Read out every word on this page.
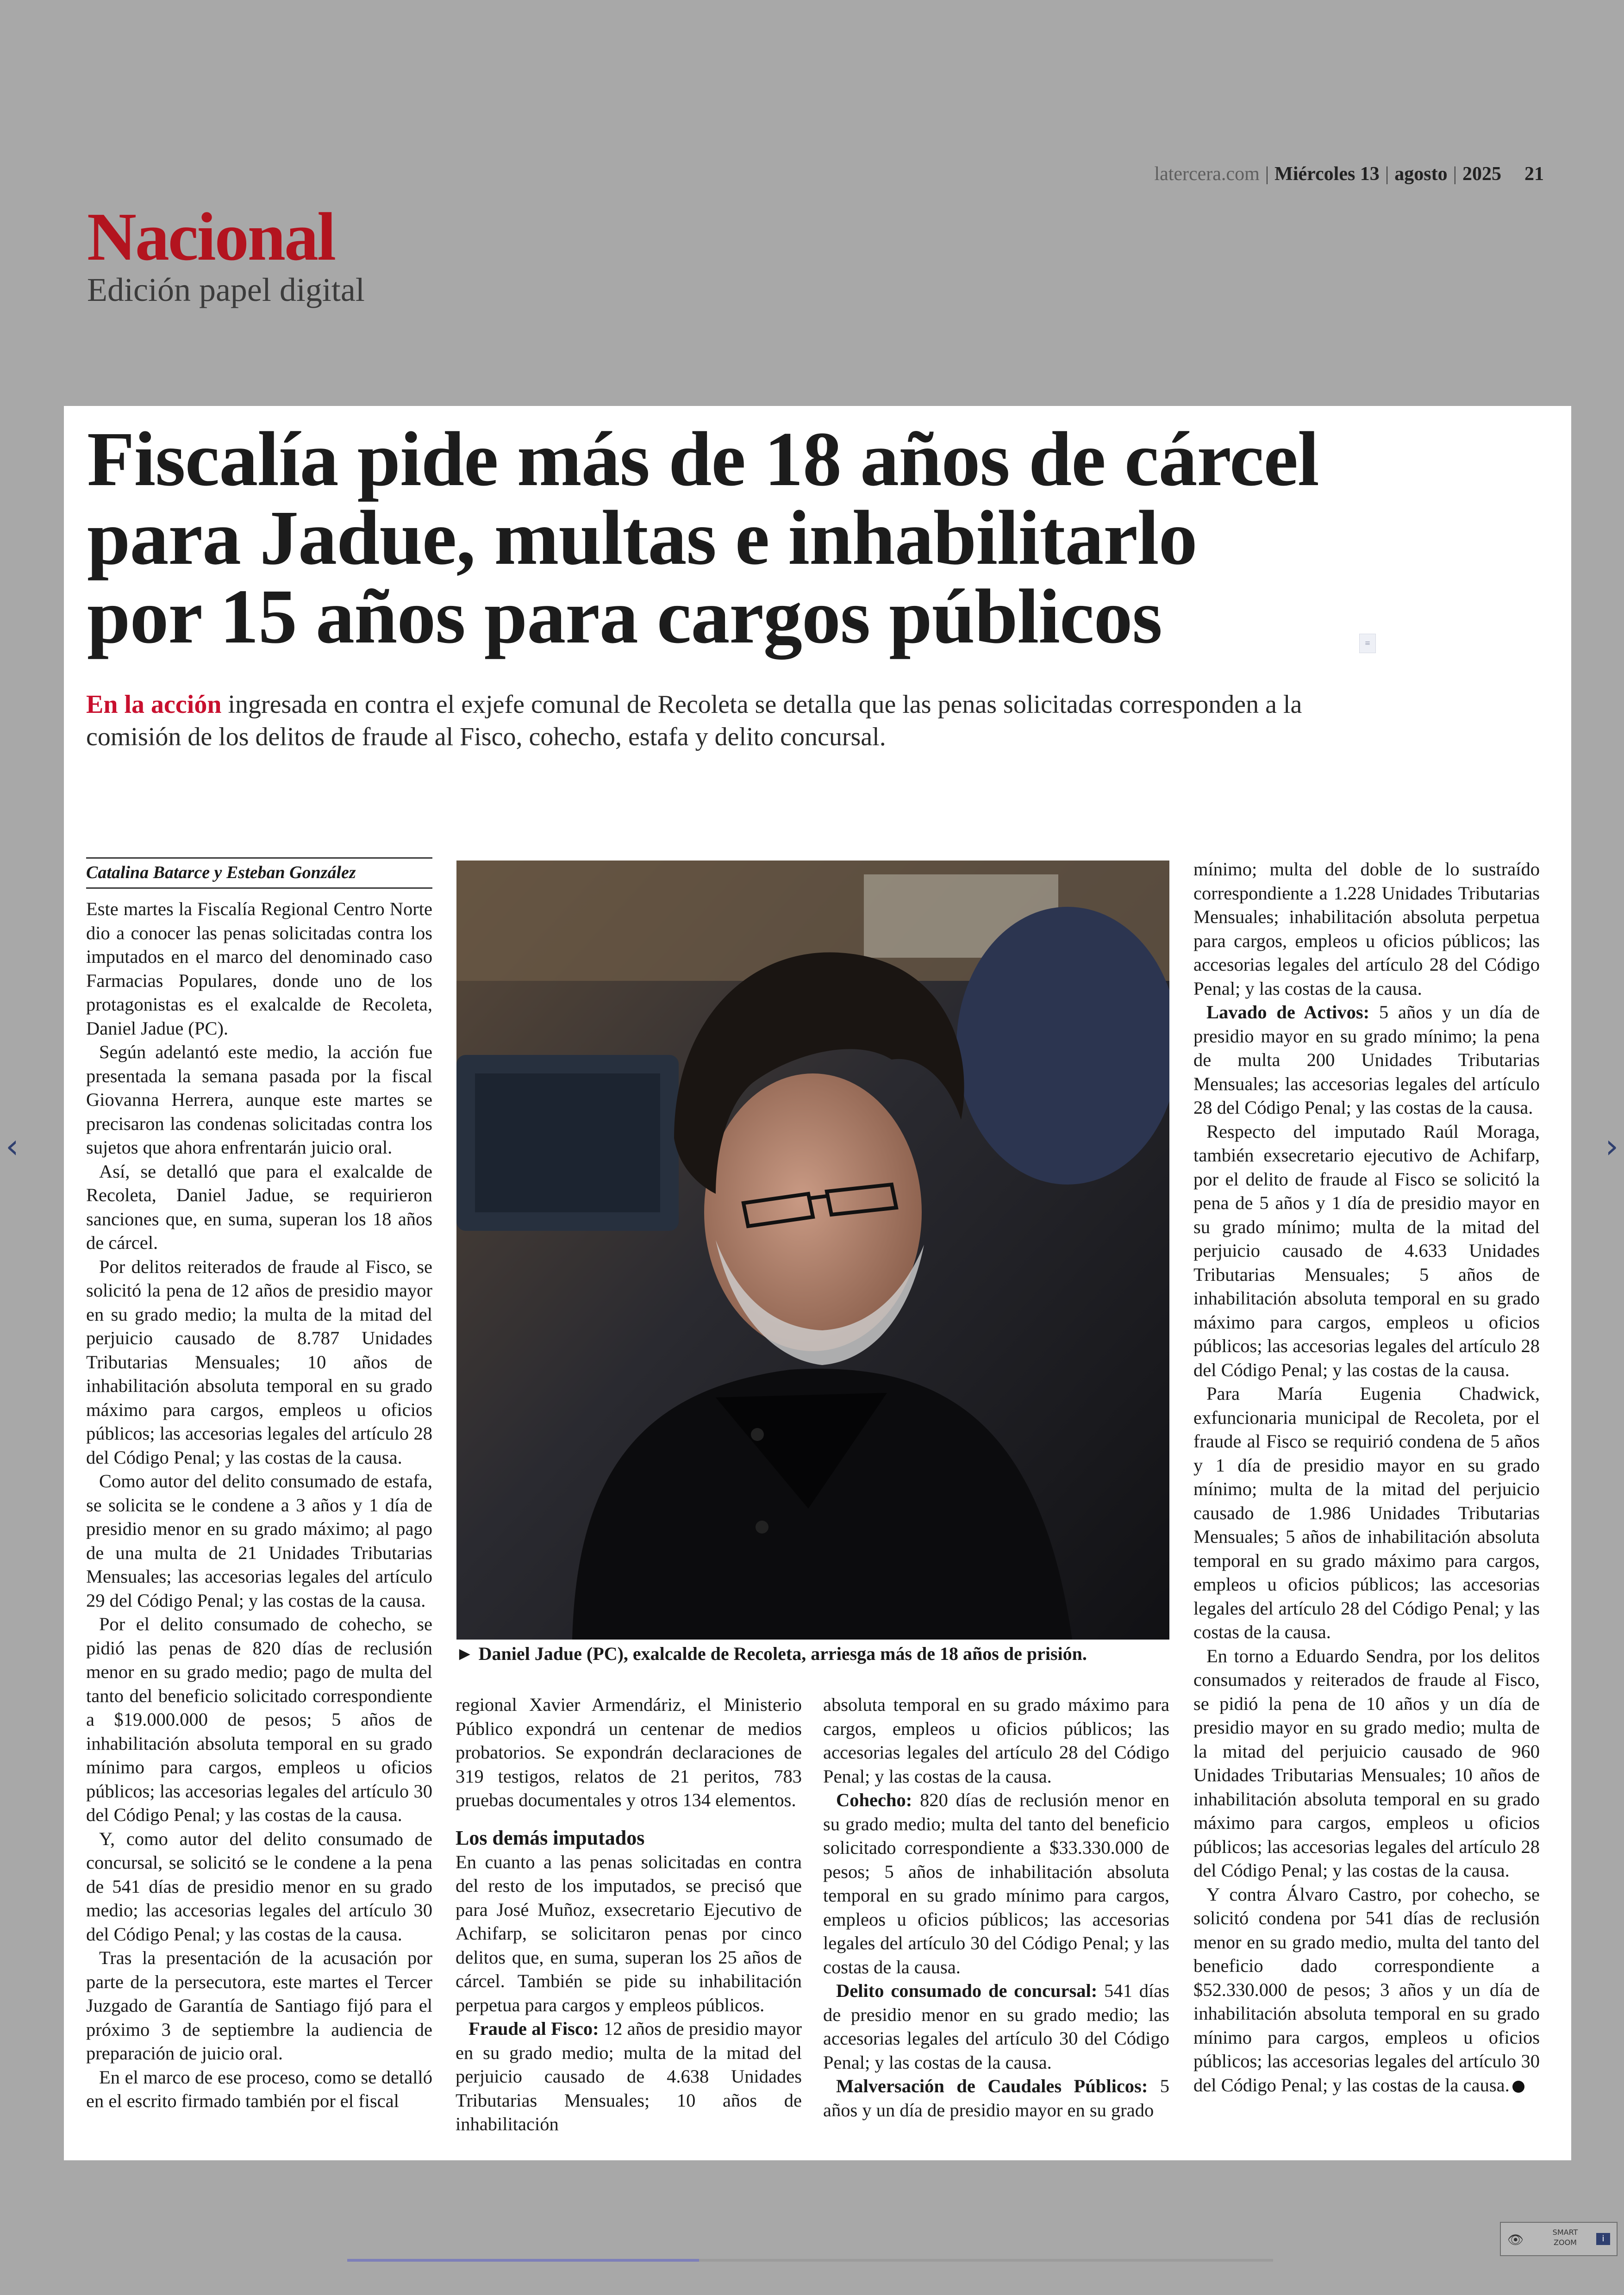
latercera.com | Miércoles 13 | agosto | 2025 21
Nacional
Edición papel digital
‹	›
Fiscalía pide más de 18 años de cárcel
para Jadue, multas e inhabilitarlo
por 15 años para cargos públicos	≡
En la acción ingresada en contra el exjefe comunal de Recoleta se detalla que las penas solicitadas corresponden a la comisión de los delitos de fraude al Fisco, cohecho, estafa y delito concursal.
Catalina Batarce y Esteban González

Este martes la Fiscalía Regional Centro Norte dio a conocer las penas solicitadas contra los imputados en el marco del denominado caso Farmacias Populares, donde uno de los protagonistas es el exalcalde de Recoleta, Daniel Jadue (PC).

Según adelantó este medio, la acción fue presentada la semana pasada por la fiscal Giovanna Herrera, aunque este martes se precisaron las condenas solicitadas contra los sujetos que ahora enfrentarán juicio oral.

Así, se detalló que para el exalcalde de Recoleta, Daniel Jadue, se requirieron sanciones que, en suma, superan los 18 años de cárcel.

Por delitos reiterados de fraude al Fisco, se solicitó la pena de 12 años de presidio mayor en su grado medio; la multa de la mitad del perjuicio causado de 8.787 Unidades Tributarias Mensuales; 10 años de inhabilitación absoluta temporal en su grado máximo para cargos, empleos u oficios públicos; las accesorias legales del artículo 28 del Código Penal; y las costas de la causa.

Como autor del delito consumado de estafa, se solicita se le condene a 3 años y 1 día de presidio menor en su grado máximo; al pago de una multa de 21 Unidades Tributarias Mensuales; las accesorias legales del artículo 29 del Código Penal; y las costas de la causa.

Por el delito consumado de cohecho, se pidió las penas de 820 días de reclusión menor en su grado medio; pago de multa del tanto del beneficio solicitado correspondiente a $19.000.000 de pesos; 5 años de inhabilitación absoluta temporal en su grado mínimo para cargos, empleos u oficios públicos; las accesorias legales del artículo 30 del Código Penal; y las costas de la causa.

Y, como autor del delito consumado de concursal, se solicitó se le condene a la pena de 541 días de presidio menor en su grado medio; las accesorias legales del artículo 30 del Código Penal; y las costas de la causa.

Tras la presentación de la acusación por parte de la persecutora, este martes el Tercer Juzgado de Garantía de Santiago fijó para el próximo 3 de septiembre la audiencia de preparación de juicio oral.

En el marco de ese proceso, como se detalló en el escrito firmado también por el fiscal

► Daniel Jadue (PC), exalcalde de Recoleta, arriesga más de 18 años de prisión.

regional Xavier Armendáriz, el Ministerio Público expondrá un centenar de medios probatorios. Se expondrán declaraciones de 319 testigos, relatos de 21 peritos, 783 pruebas documentales y otros 134 elementos.

Los demás imputados

En cuanto a las penas solicitadas en contra del resto de los imputados, se precisó que para José Muñoz, exsecretario Ejecutivo de Achifarp, se solicitaron penas por cinco delitos que, en suma, superan los 25 años de cárcel. También se pide su inhabilitación perpetua para cargos y empleos públicos.

Fraude al Fisco: 12 años de presidio mayor en su grado medio; multa de la mitad del perjuicio causado de 4.638 Unidades Tributarias Mensuales; 10 años de inhabilitación

absoluta temporal en su grado máximo para cargos, empleos u oficios públicos; las accesorias legales del artículo 28 del Código Penal; y las costas de la causa.

Cohecho: 820 días de reclusión menor en su grado medio; multa del tanto del beneficio solicitado correspondiente a $33.330.000 de pesos; 5 años de inhabilitación absoluta temporal en su grado mínimo para cargos, empleos u oficios públicos; las accesorias legales del artículo 30 del Código Penal; y las costas de la causa.

Delito consumado de concursal: 541 días de presidio menor en su grado medio; las accesorias legales del artículo 30 del Código Penal; y las costas de la causa.

Malversación de Caudales Públicos: 5 años y un día de presidio mayor en su grado

mínimo; multa del doble de lo sustraído correspondiente a 1.228 Unidades Tributarias Mensuales; inhabilitación absoluta perpetua para cargos, empleos u oficios públicos; las accesorias legales del artículo 28 del Código Penal; y las costas de la causa.

Lavado de Activos: 5 años y un día de presidio mayor en su grado mínimo; la pena de multa 200 Unidades Tributarias Mensuales; las accesorias legales del artículo 28 del Código Penal; y las costas de la causa.

Respecto del imputado Raúl Moraga, también exsecretario ejecutivo de Achifarp, por el delito de fraude al Fisco se solicitó la pena de 5 años y 1 día de presidio mayor en su grado mínimo; multa de la mitad del perjuicio causado de 4.633 Unidades Tributarias Mensuales; 5 años de inhabilitación absoluta temporal en su grado máximo para cargos, empleos u oficios públicos; las accesorias legales del artículo 28 del Código Penal; y las costas de la causa.

Para María Eugenia Chadwick, exfuncionaria municipal de Recoleta, por el fraude al Fisco se requirió condena de 5 años y 1 día de presidio mayor en su grado mínimo; multa de la mitad del perjuicio causado de 1.986 Unidades Tributarias Mensuales; 5 años de inhabilitación absoluta temporal en su grado máximo para cargos, empleos u oficios públicos; las accesorias legales del artículo 28 del Código Penal; y las costas de la causa.

En torno a Eduardo Sendra, por los delitos consumados y reiterados de fraude al Fisco, se pidió la pena de 10 años y un día de presidio mayor en su grado medio; multa de la mitad del perjuicio causado de 960 Unidades Tributarias Mensuales; 10 años de inhabilitación absoluta temporal en su grado máximo para cargos, empleos u oficios públicos; las accesorias legales del artículo 28 del Código Penal; y las costas de la causa.

Y contra Álvaro Castro, por cohecho, se solicitó condena por 541 días de reclusión menor en su grado medio, multa del tanto del beneficio dado correspondiente a $52.330.000 de pesos; 3 años y un día de inhabilitación absoluta temporal en su grado mínimo para cargos, empleos u oficios públicos; las accesorias legales del artículo 30 del Código Penal; y las costas de la causa.

👁	SMART
ZOOM	i
